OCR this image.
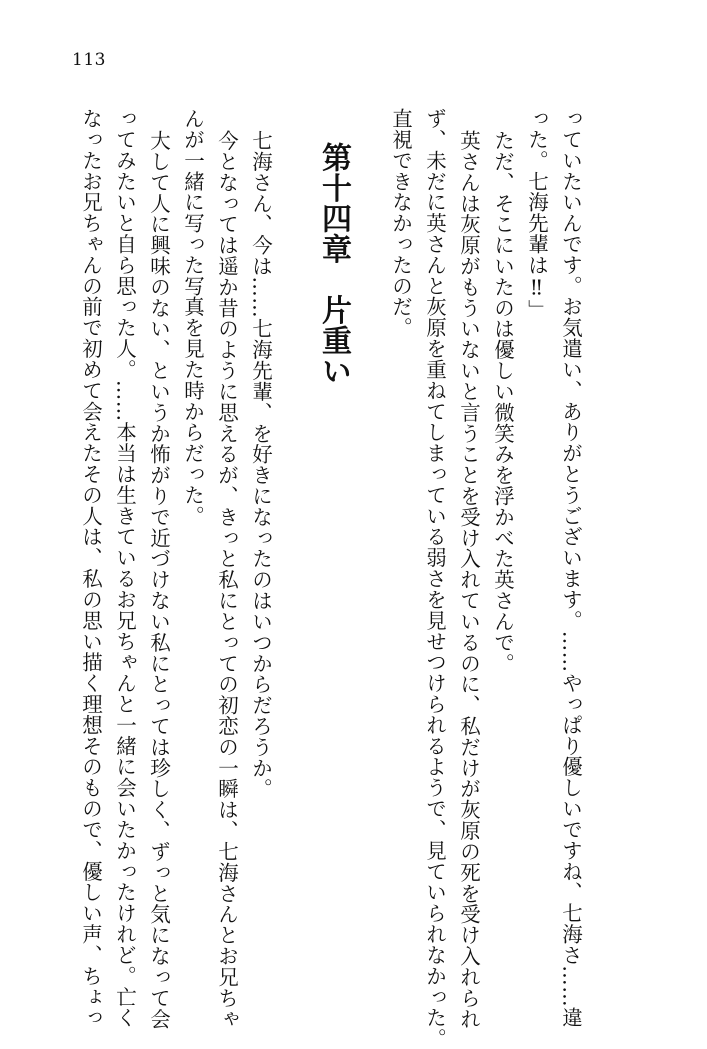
113
っていたいんです。お気遣い、ありがとうございます。……やっぱり優しいですね、七海さ……違
った。七海先輩は‼」
ただ、そこにいたのは優しい微笑みを浮かべた英さんで。
英さんは灰原がもういないと言うことを受け入れているのに、私だけが灰原の死を受け入れられ
ず、未だに英さんと灰原を重ねてしまっている弱さを見せつけられるようで、見ていられなかった。
直視できなかったのだ。
第十四章片重い
七海さん、今は……七海先輩、を好きになったのはいつからだろうか。
今となっては遥か昔のように思えるが、きっと私にとっての初恋の一瞬は、七海さんとお兄ちゃ
んが一緒に写った写真を見た時からだった。
大して人に興味のない、というか怖がりで近づけない私にとっては珍しく、ずっと気になって会
ってみたいと自ら思った人。……本当は生きているお兄ちゃんと一緒に会いたかったけれど。亡く
なったお兄ちゃんの前で初めて会えたその人は、私の思い描く理想そのもので、優しい声、ちょっ
